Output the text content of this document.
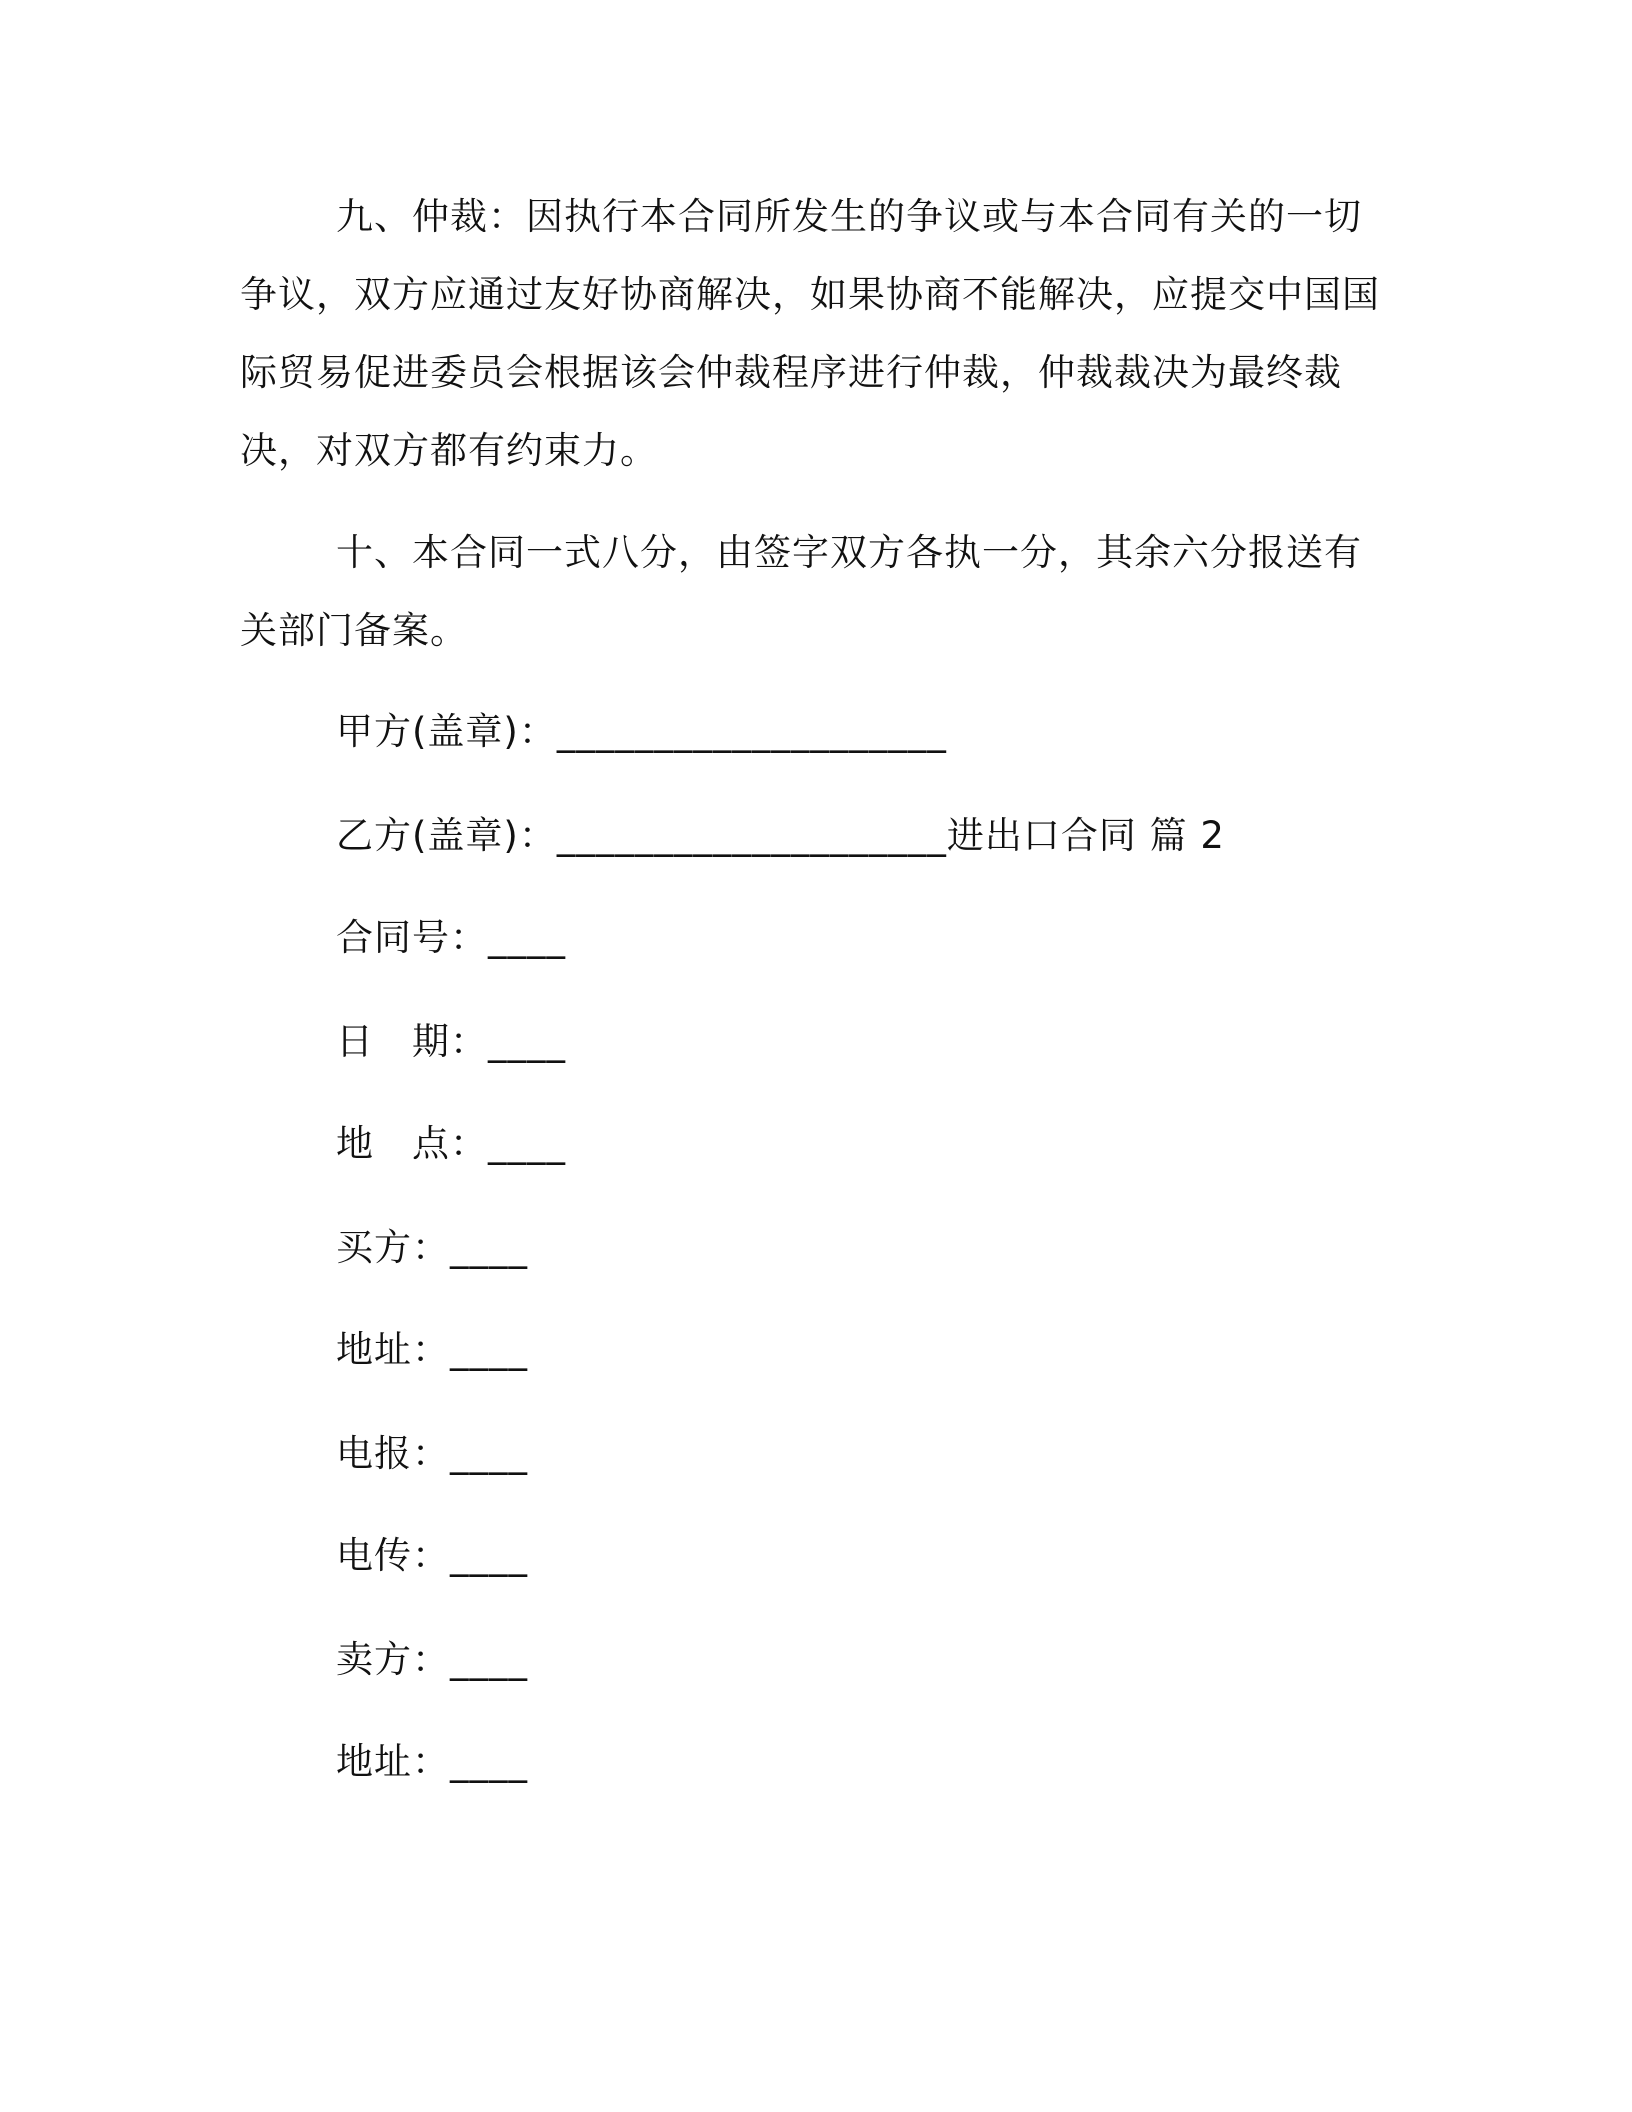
九、仲裁：因执行本合同所发生的争议或与本合同有关的一切争议，双方应通过友好协商解决，如果协商不能解决，应提交中国国际贸易促进委员会根据该会仲裁程序进行仲裁，仲裁裁决为最终裁决，对双方都有约束力。

十、本合同一式八分，由签字双方各执一分，其余六分报送有关部门备案。

甲方(盖章)：____________________
乙方(盖章)：____________________进出口合同 篇 2
合同号：____
日　期：____
地　点：____
买方：____
地址：____
电报：____
电传：____
卖方：____
地址：____
